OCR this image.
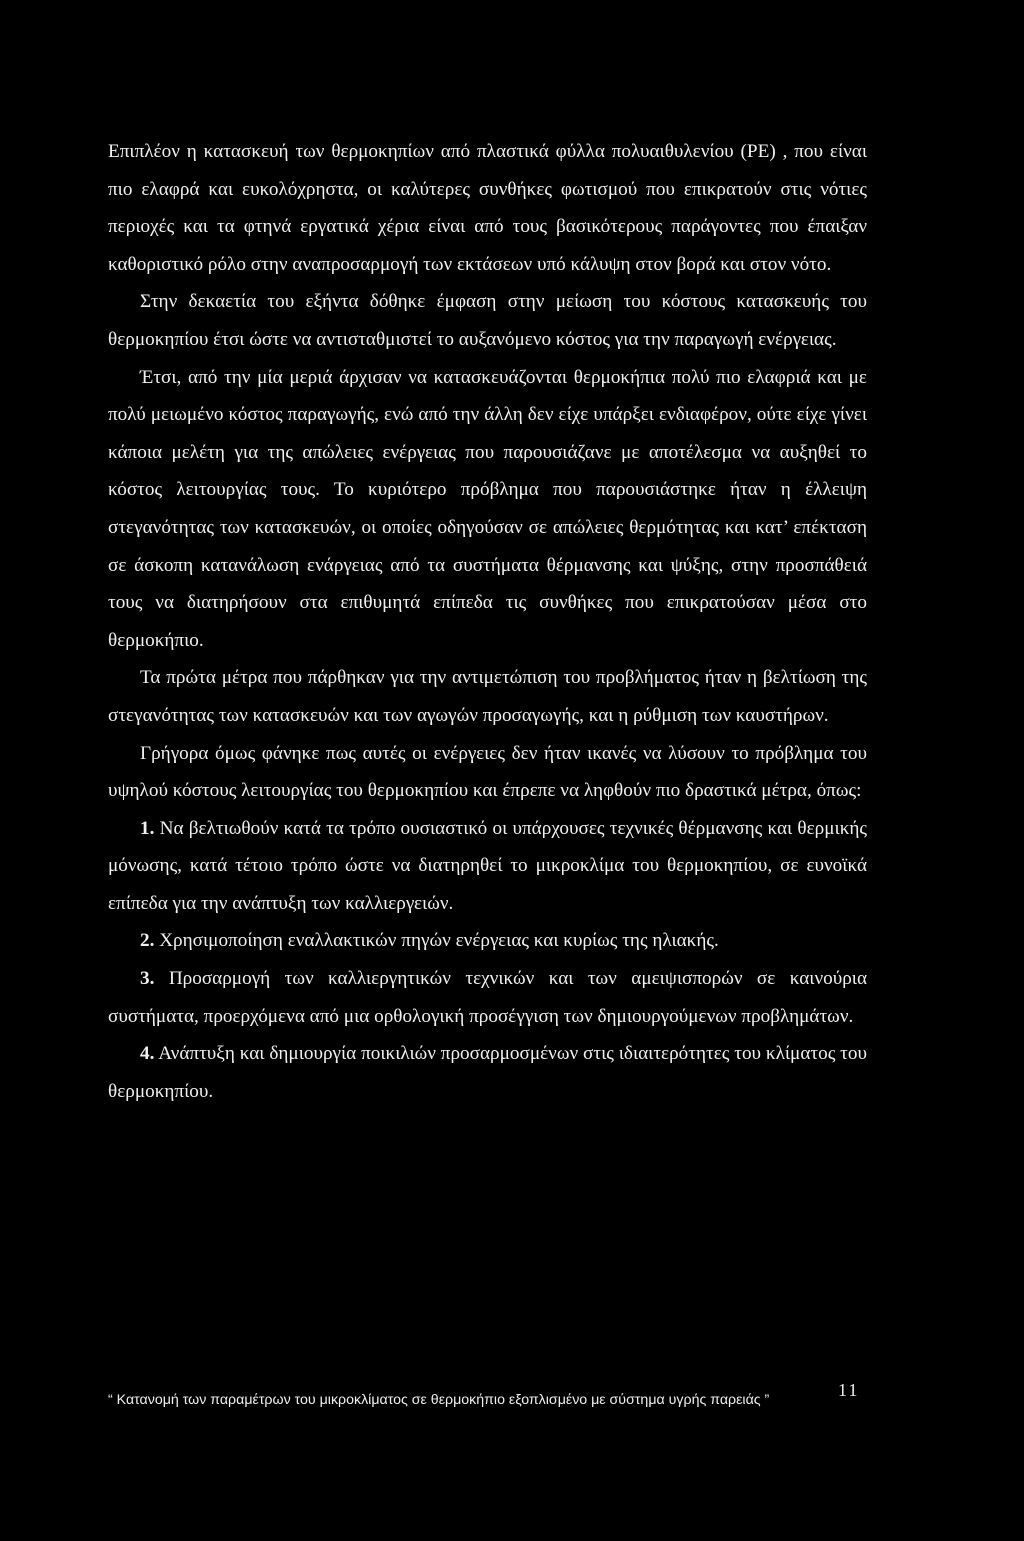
Επιπλέον η κατασκευή των θερμοκηπίων από πλαστικά φύλλα πολυαιθυλενίου (PE) , που είναι πιο ελαφρά και ευκολόχρηστα, οι καλύτερες συνθήκες φωτισμού που επικρατούν στις νότιες περιοχές και τα φτηνά εργατικά χέρια είναι από τους βασικότερους παράγοντες που έπαιξαν καθοριστικό ρόλο στην αναπροσαρμογή των εκτάσεων υπό κάλυψη στον βορά και στον νότο.

Στην δεκαετία του εξήντα δόθηκε έμφαση στην μείωση του κόστους κατασκευής του θερμοκηπίου έτσι ώστε να αντισταθμιστεί το αυξανόμενο κόστος για την παραγωγή ενέργειας.

Έτσι, από την μία μεριά άρχισαν να κατασκευάζονται θερμοκήπια πολύ πιο ελαφριά και με πολύ μειωμένο κόστος παραγωγής, ενώ από την άλλη δεν είχε υπάρξει ενδιαφέρον, ούτε είχε γίνει κάποια μελέτη για της απώλειες ενέργειας που παρουσιάζανε με αποτέλεσμα να αυξηθεί το κόστος λειτουργίας τους. Το κυριότερο πρόβλημα που παρουσιάστηκε ήταν η έλλειψη στεγανότητας των κατασκευών, οι οποίες οδηγούσαν σε απώλειες θερμότητας και κατ’ επέκταση σε άσκοπη κατανάλωση ενάργειας από τα συστήματα θέρμανσης και ψύξης, στην προσπάθειά τους να διατηρήσουν στα επιθυμητά επίπεδα τις συνθήκες που επικρατούσαν μέσα στο θερμοκήπιο.

Τα πρώτα μέτρα που πάρθηκαν για την αντιμετώπιση του προβλήματος ήταν η βελτίωση της στεγανότητας των κατασκευών και των αγωγών προσαγωγής, και η ρύθμιση των καυστήρων.

Γρήγορα όμως φάνηκε πως αυτές οι ενέργειες δεν ήταν ικανές να λύσουν το πρόβλημα του υψηλού κόστους λειτουργίας του θερμοκηπίου και έπρεπε να ληφθούν πιο δραστικά μέτρα, όπως:

1. Να βελτιωθούν κατά τα τρόπο ουσιαστικό οι υπάρχουσες τεχνικές θέρμανσης και θερμικής μόνωσης, κατά τέτοιο τρόπο ώστε να διατηρηθεί το μικροκλίμα του θερμοκηπίου, σε ευνοϊκά επίπεδα για την ανάπτυξη των καλλιεργειών.

2. Χρησιμοποίηση εναλλακτικών πηγών ενέργειας και κυρίως της ηλιακής.

3. Προσαρμογή των καλλιεργητικών τεχνικών και των αμειψισπορών σε καινούρια συστήματα, προερχόμενα από μια ορθολογική προσέγγιση των δημιουργούμενων προβλημάτων.

4. Ανάπτυξη και δημιουργία ποικιλιών προσαρμοσμένων στις ιδιαιτερότητες του κλίματος του θερμοκηπίου.

“ Κατανομή των παραμέτρων του μικροκλίματος σε θερμοκήπιο εξοπλισμένο με σύστημα υγρής παρειάς ”	11
